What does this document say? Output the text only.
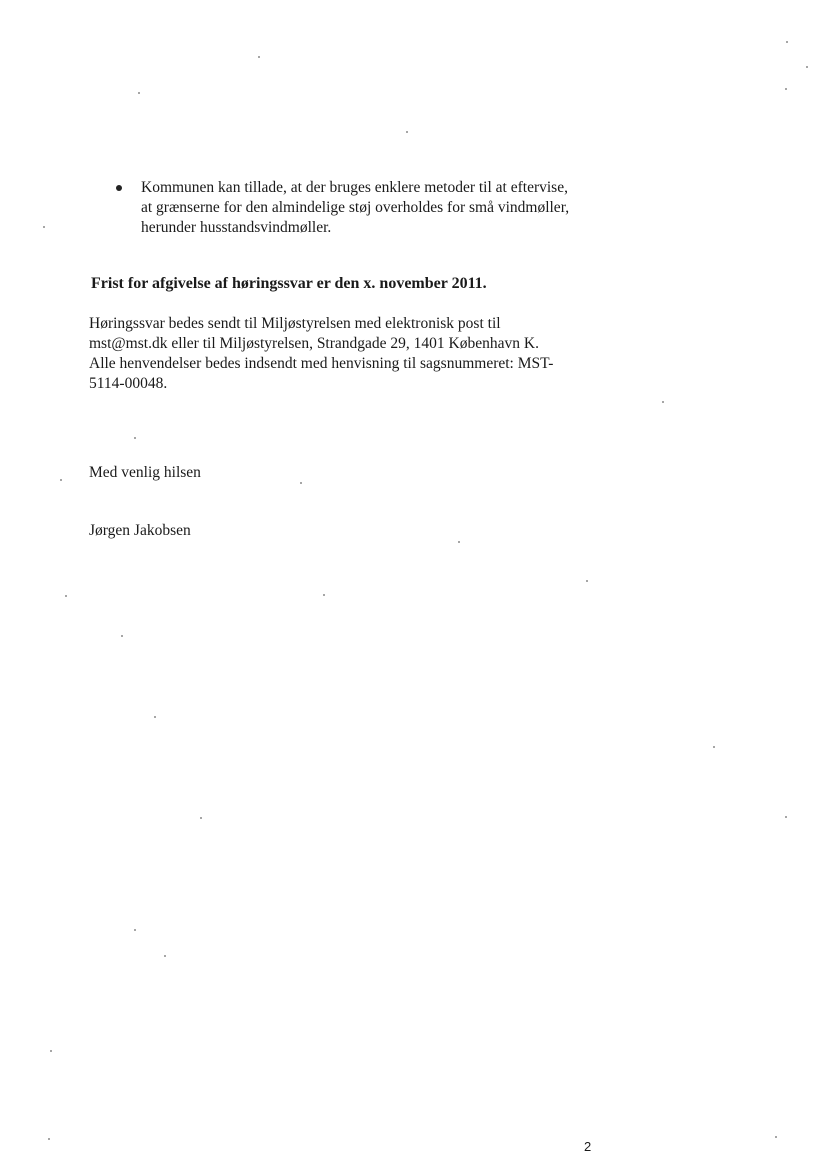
Kommunen kan tillade, at der bruges enklere metoder til at eftervise,
at grænserne for den almindelige støj overholdes for små vindmøller,
herunder husstandsvindmøller.
Frist for afgivelse af høringssvar er den x. november 2011.
Høringssvar bedes sendt til Miljøstyrelsen med elektronisk post til
mst@mst.dk eller til Miljøstyrelsen, Strandgade 29, 1401 København K.
Alle henvendelser bedes indsendt med henvisning til sagsnummeret: MST-
5114-00048.
Med venlig hilsen
Jørgen Jakobsen
2
